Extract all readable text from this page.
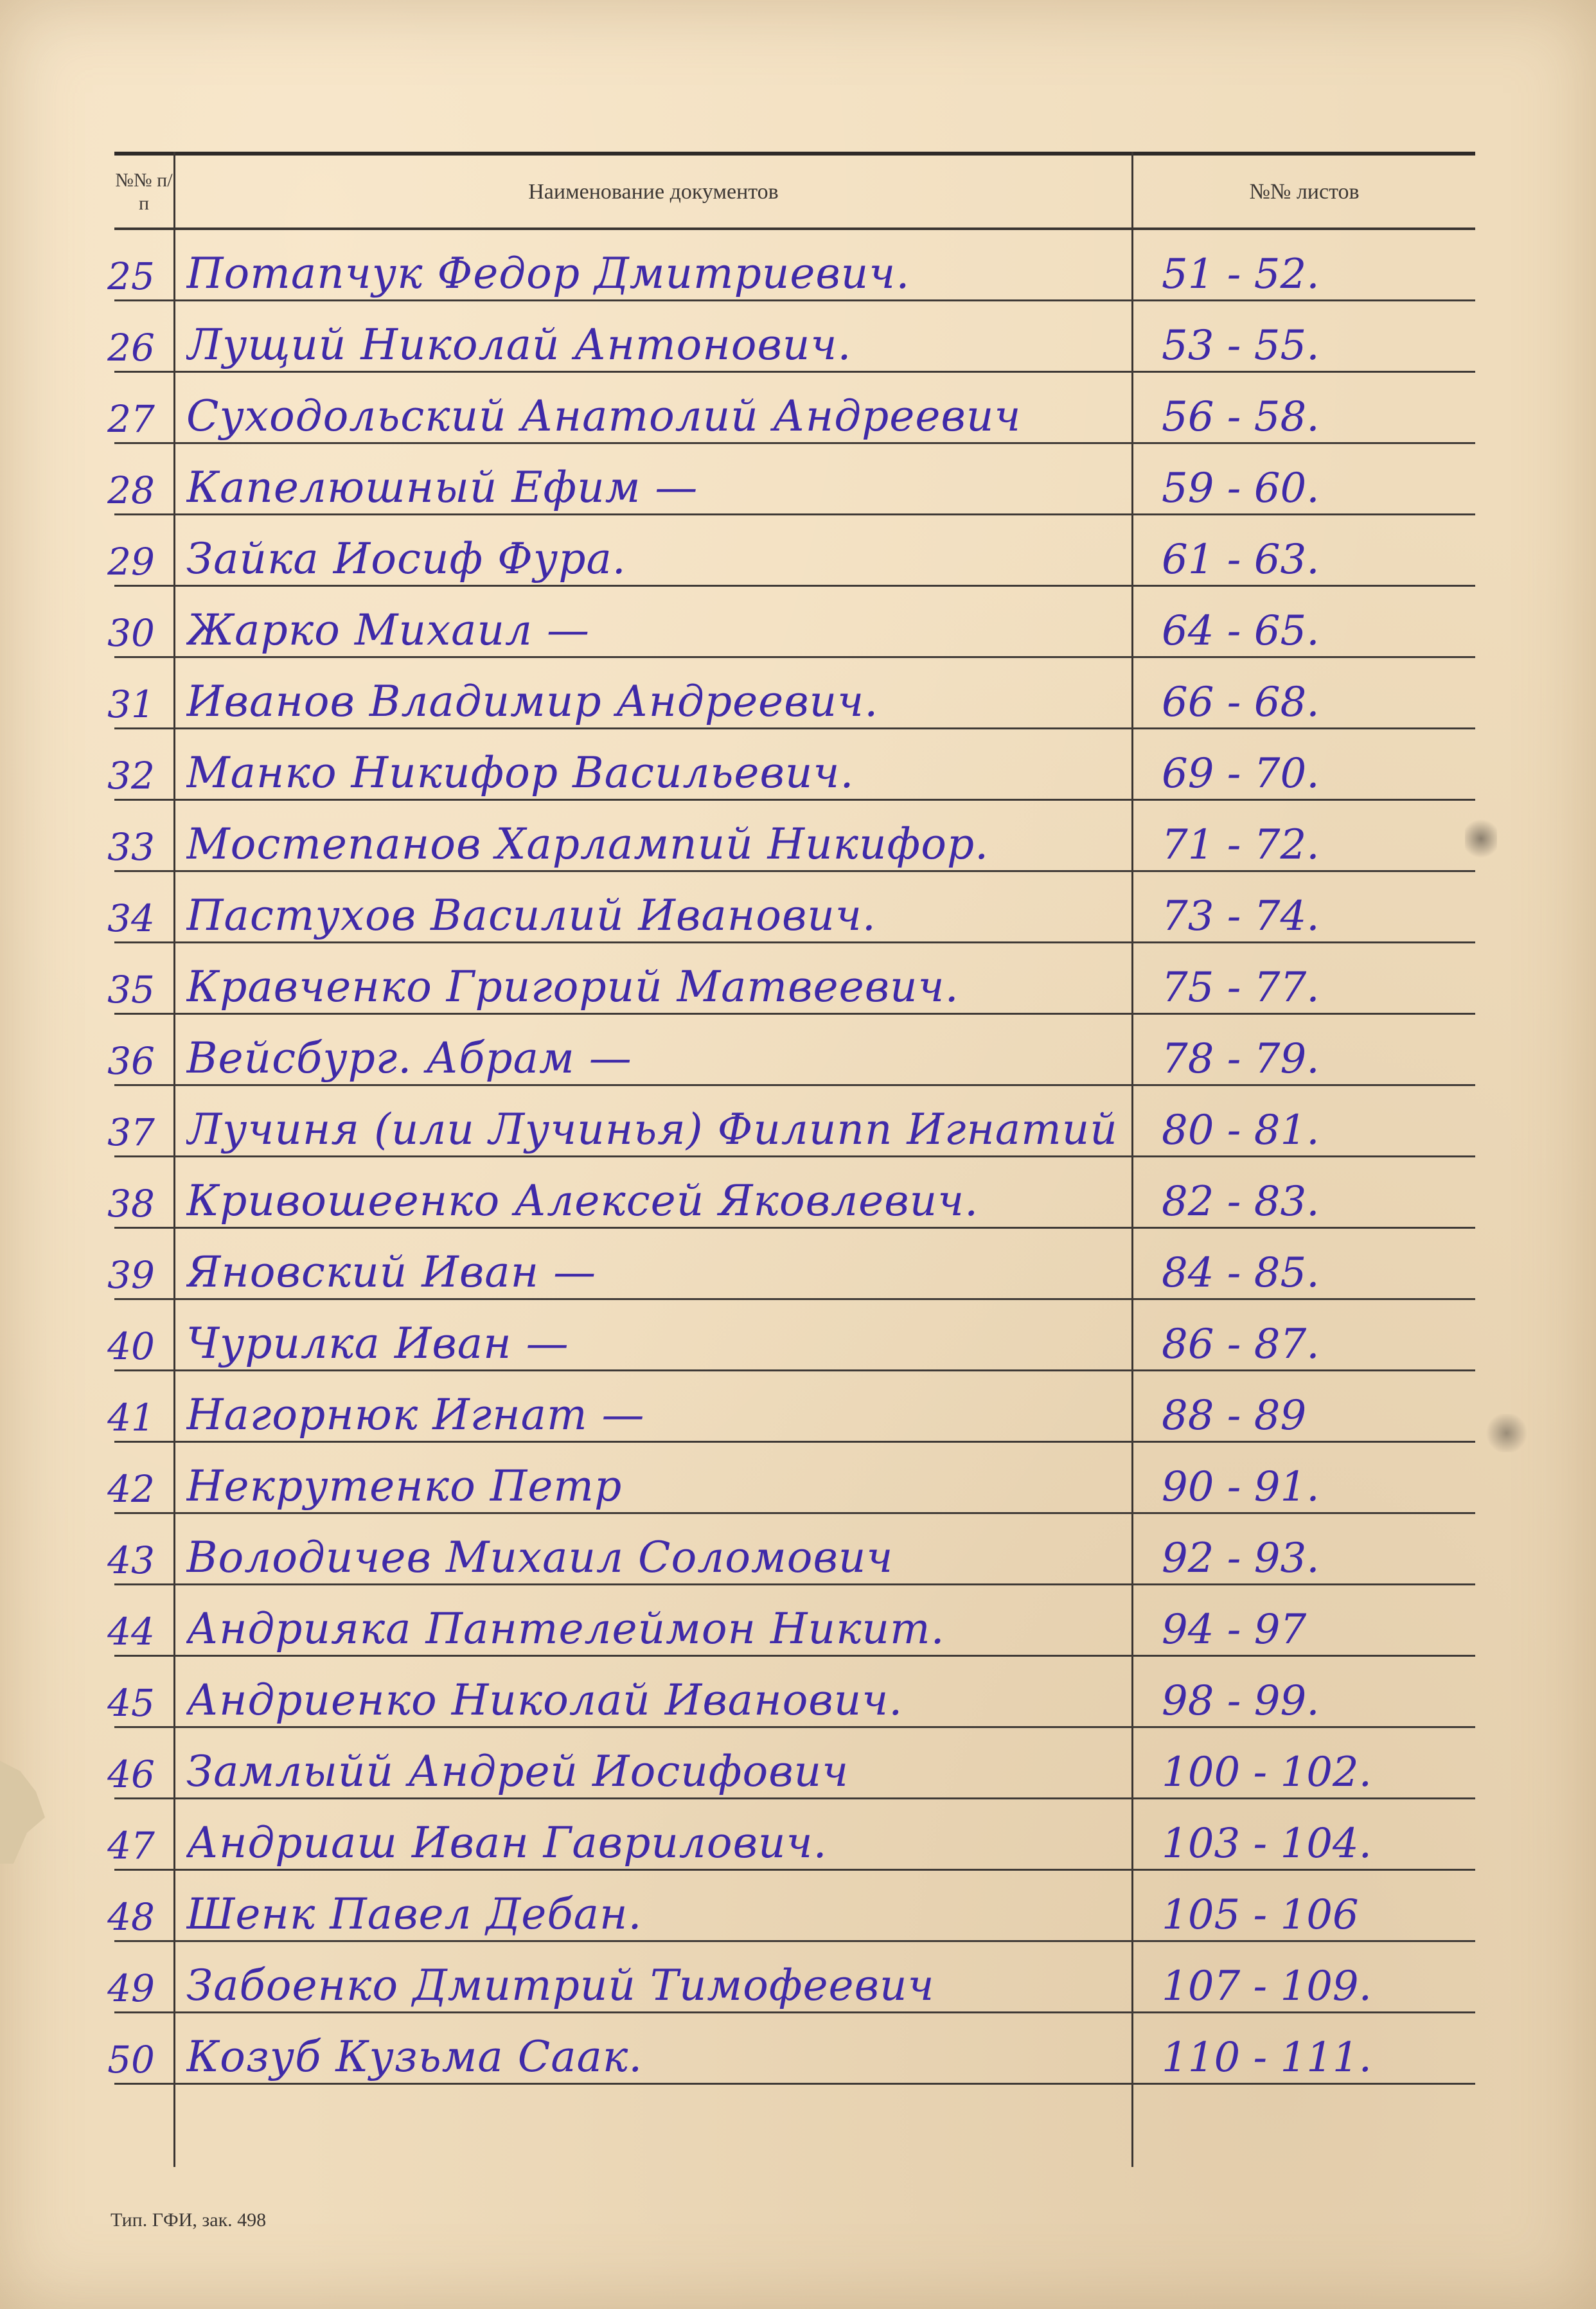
№№ п/п	Наименование документов	№№ листов
25 Потапчук Федор Дмитриевич.	51 - 52.
26 Лущий Николай Антонович.	53 - 55.
27 Суходольский Анатолий Андреевич	56 - 58.
28 Капелюшный Ефим —	59 - 60.
29 Зайка Иосиф Фура.	61 - 63.
30 Жарко Михаил —	64 - 65.
31 Иванов Владимир Андреевич.	66 - 68.
32 Манко Никифор Васильевич.	69 - 70.
33 Мостепанов Харлампий Никифор.	71 - 72.
34 Пастухов Василий Иванович.	73 - 74.
35 Кравченко Григорий Матвеевич.	75 - 77.
36 Вейсбург. Абрам —	78 - 79.
37 Лучиня (или Лучинья) Филипп Игнатий	80 - 81.
38 Кривошеенко Алексей Яковлевич.	82 - 83.
39 Яновский Иван —	84 - 85.
40 Чурилка Иван —	86 - 87.
41 Нагорнюк Игнат —	88 - 89
42 Некрутенко Петр	90 - 91.
43 Володичев Михаил Соломович	92 - 93.
44 Андрияка Пантелеймон Никит.	94 - 97
45 Андриенко Николай Иванович.	98 - 99.
46 Замлыйй Андрей Иосифович	100 - 102.
47 Андриаш Иван Гаврилович.	103 - 104.
48 Шенк Павел Дебан.	105 - 106
49 Забоенко Дмитрий Тимофеевич	107 - 109.
50 Козуб Кузьма Саак.	110 - 111.
Тип. ГФИ, зак. 498
